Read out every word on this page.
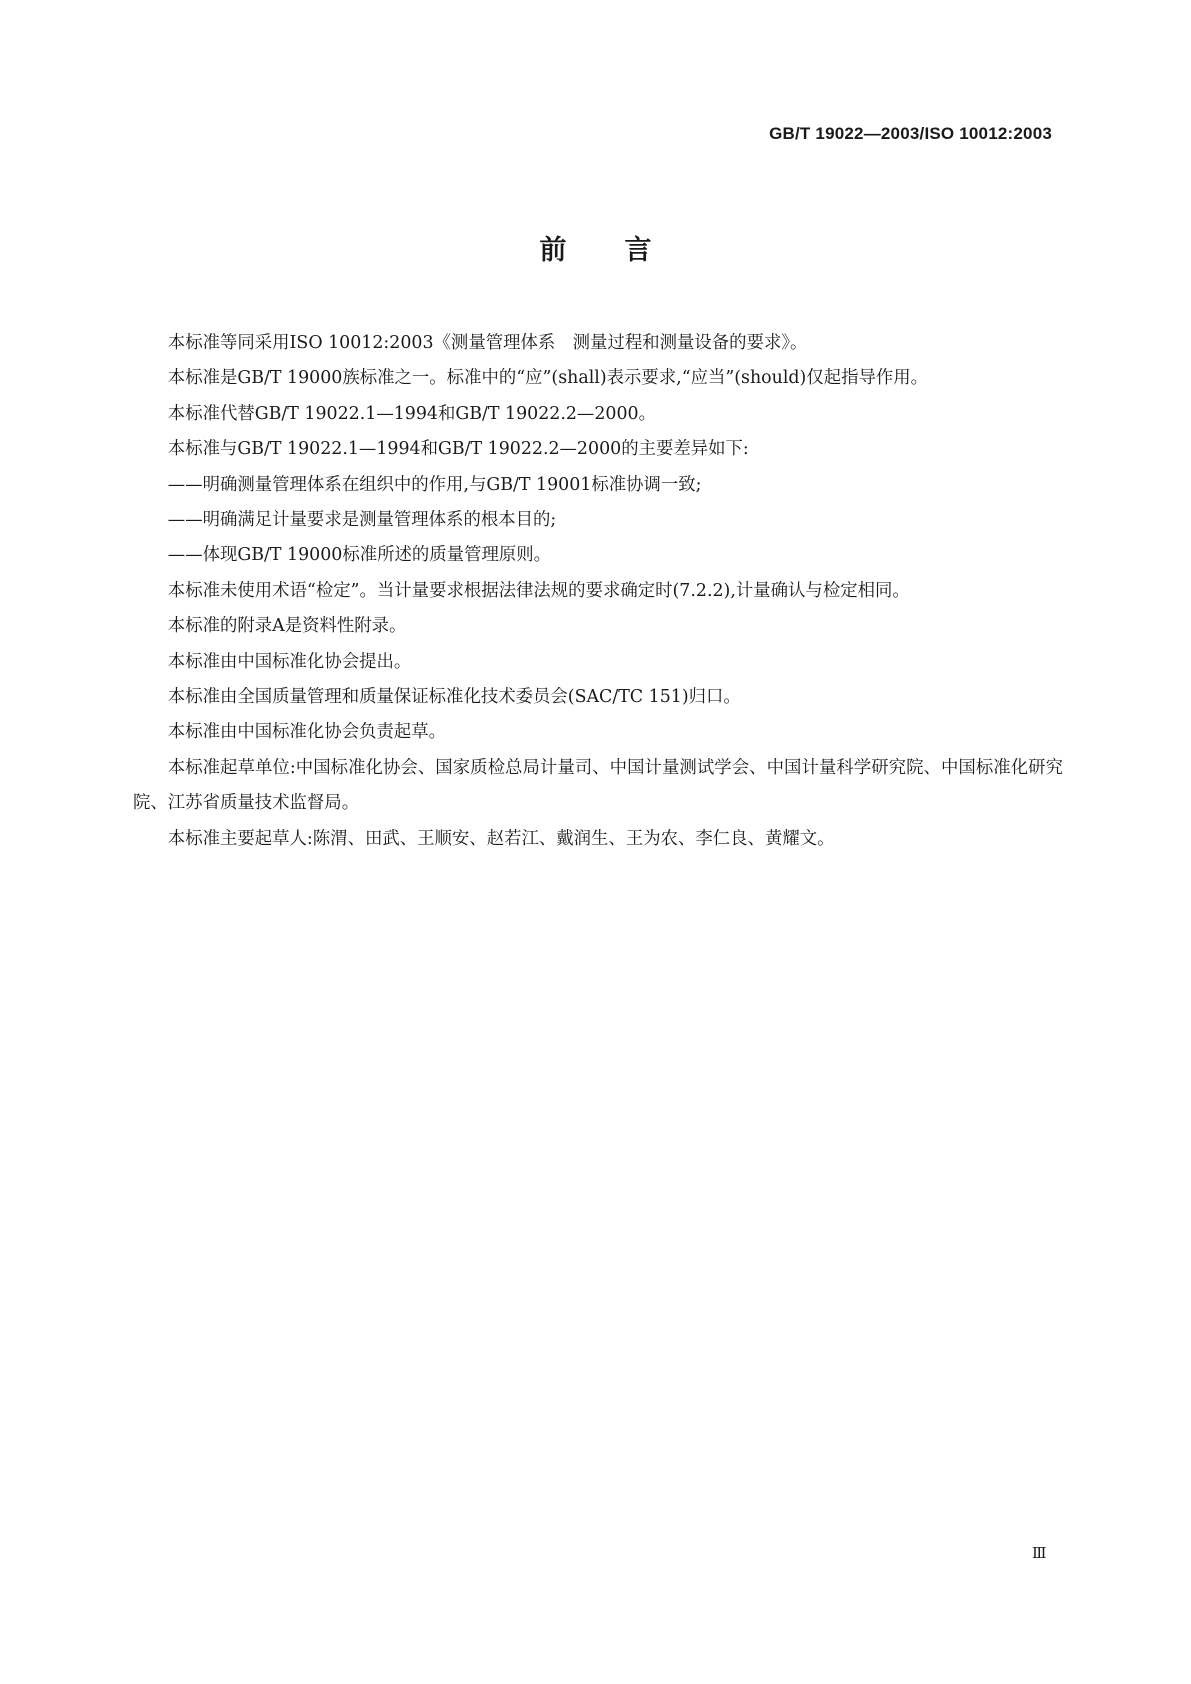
GB/T 19022—2003/ISO 10012:2003
前言

本标准等同采用ISO 10012:2003《测量管理体系　测量过程和测量设备的要求》。

本标准是GB/T 19000族标准之一。标准中的“应”(shall)表示要求,“应当”(should)仅起指导作用。

本标准代替GB/T 19022.1—1994和GB/T 19022.2—2000。

本标准与GB/T 19022.1—1994和GB/T 19022.2—2000的主要差异如下:

——明确测量管理体系在组织中的作用,与GB/T 19001标准协调一致;

——明确满足计量要求是测量管理体系的根本目的;

——体现GB/T 19000标准所述的质量管理原则。

本标准未使用术语“检定”。当计量要求根据法律法规的要求确定时(7.2.2),计量确认与检定相同。

本标准的附录A是资料性附录。

本标准由中国标准化协会提出。

本标准由全国质量管理和质量保证标准化技术委员会(SAC/TC 151)归口。

本标准由中国标准化协会负责起草。

本标准起草单位:中国标准化协会、国家质检总局计量司、中国计量测试学会、中国计量科学研究院、中国标准化研究院、江苏省质量技术监督局。

本标准主要起草人:陈渭、田武、王顺安、赵若江、戴润生、王为农、李仁良、黄耀文。

Ⅲ
